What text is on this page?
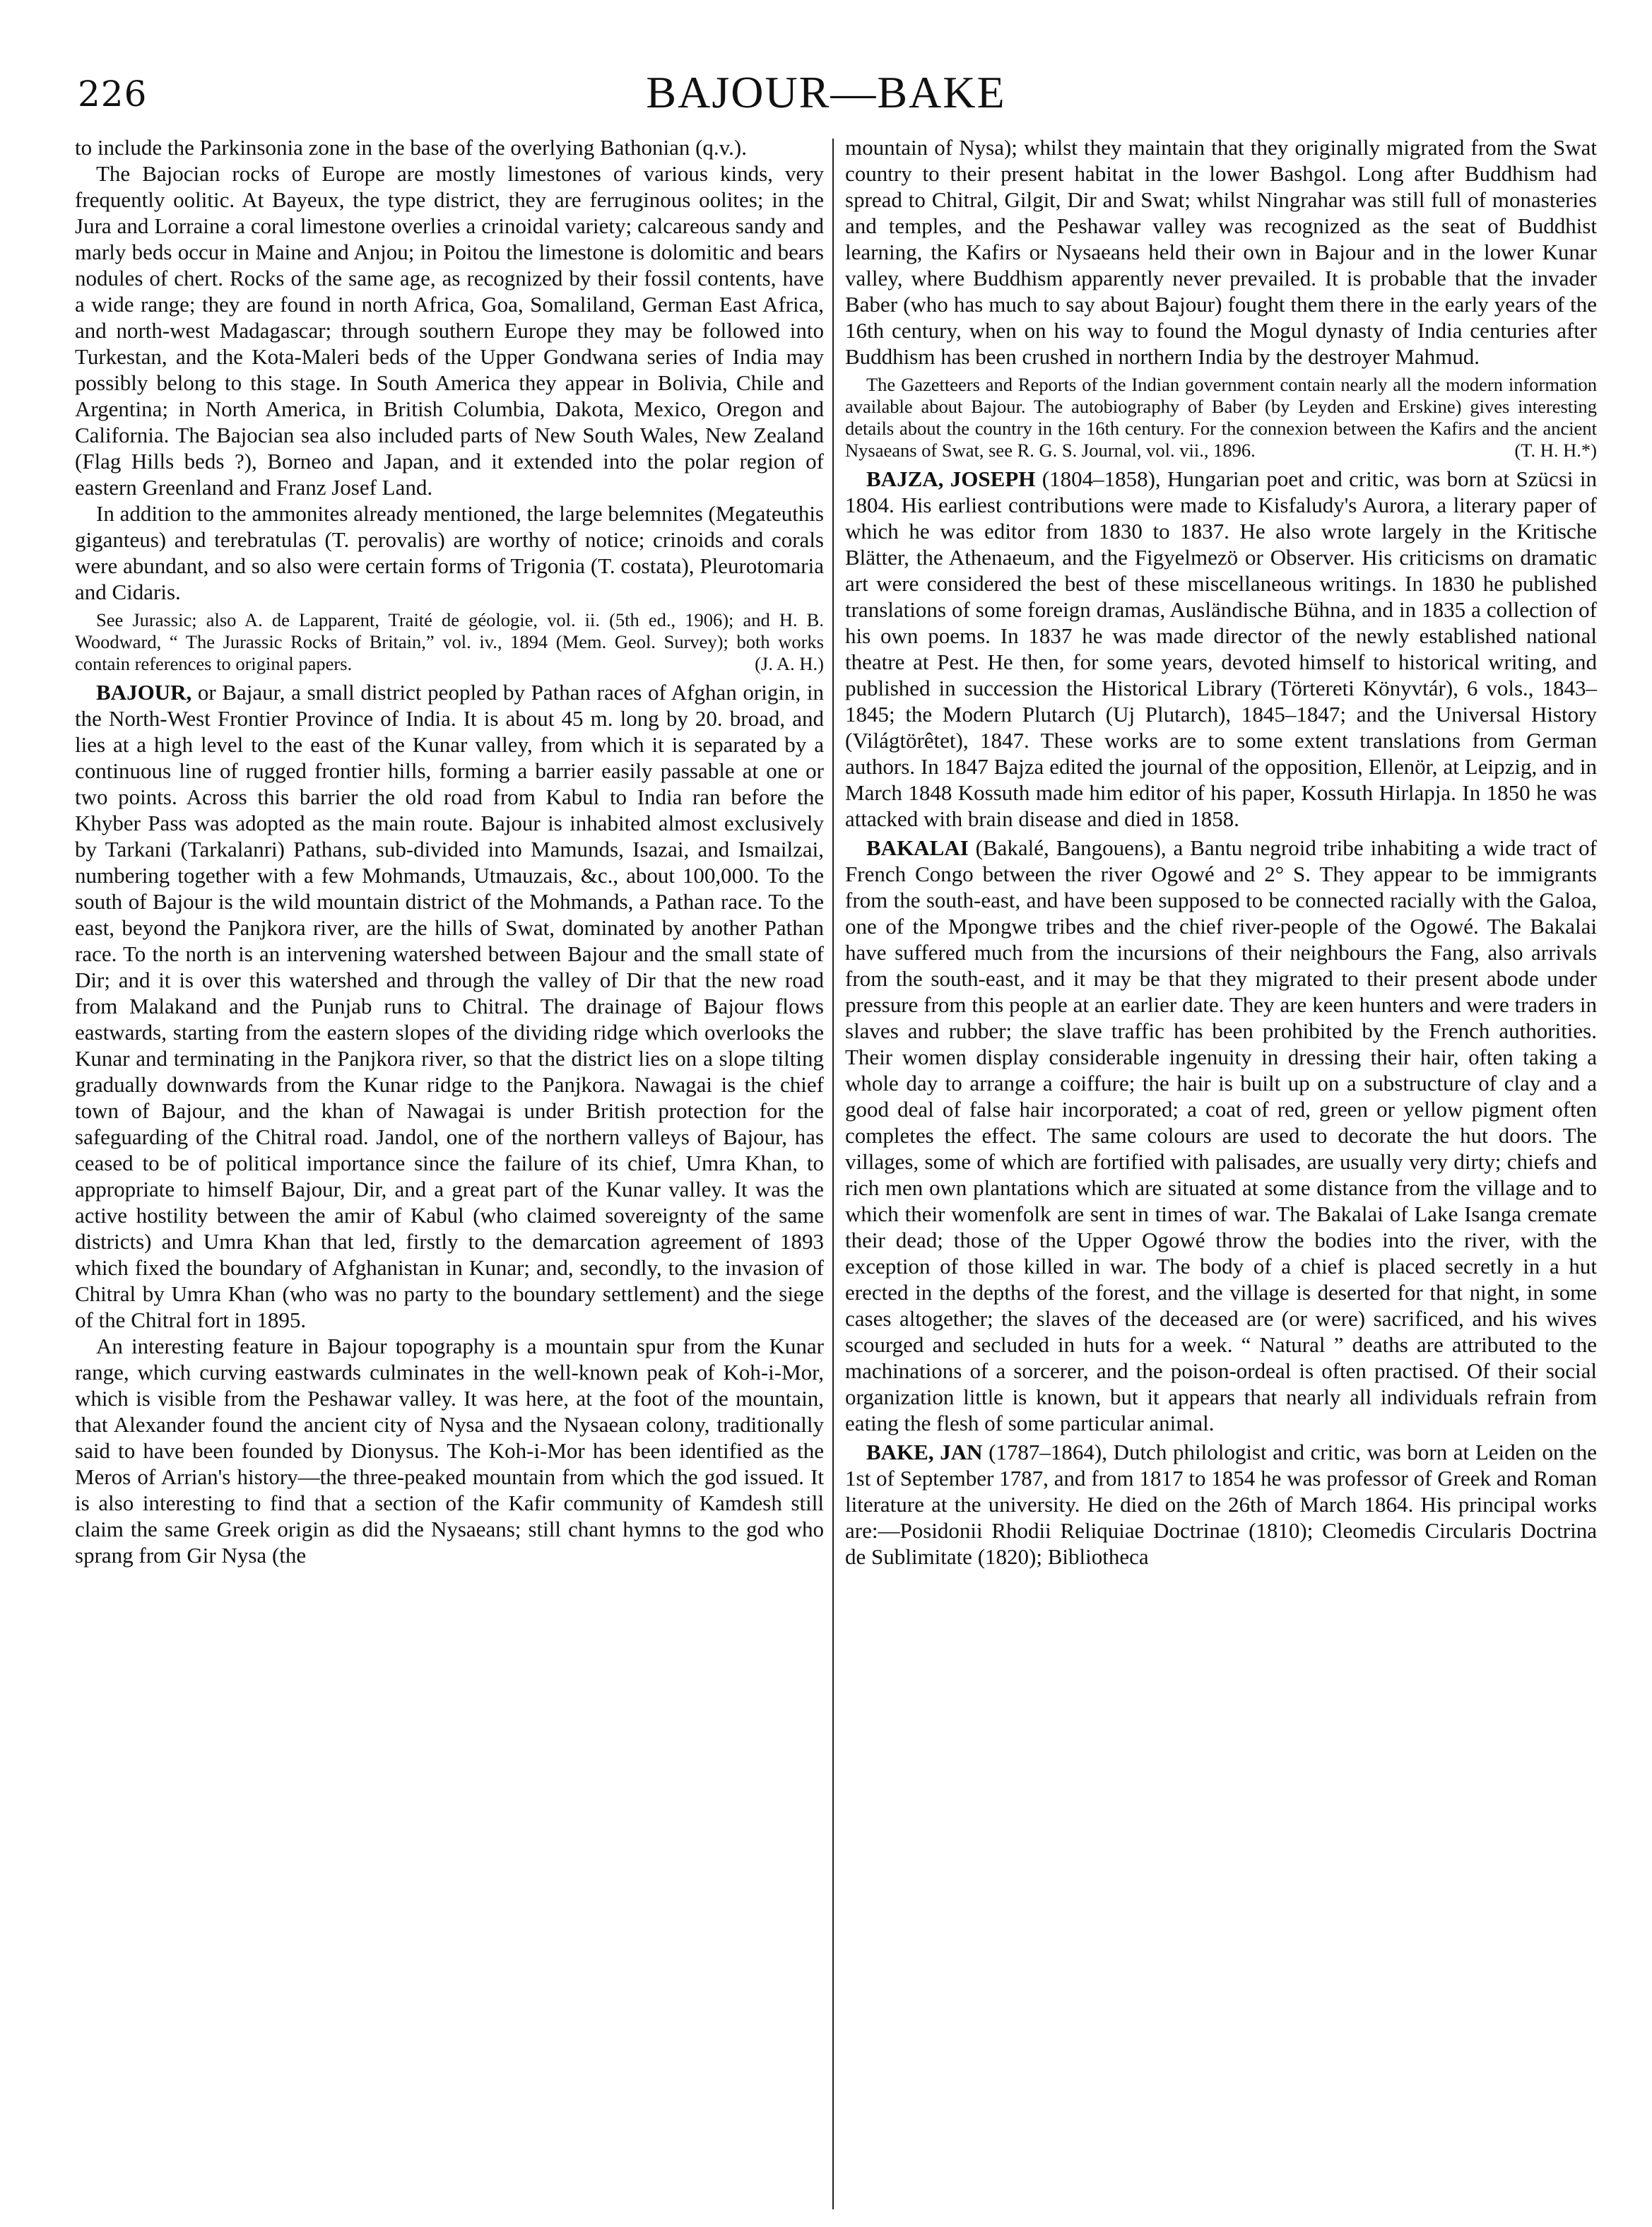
226	BAJOUR—BAKE

to include the Parkinsonia zone in the base of the overlying Bathonian (q.v.).

The Bajocian rocks of Europe are mostly limestones of various kinds, very frequently oolitic. At Bayeux, the type district, they are ferruginous oolites; in the Jura and Lorraine a coral limestone overlies a crinoidal variety; calcareous sandy and marly beds occur in Maine and Anjou; in Poitou the limestone is dolomitic and bears nodules of chert. Rocks of the same age, as recognized by their fossil contents, have a wide range; they are found in north Africa, Goa, Somaliland, German East Africa, and north-west Madagascar; through southern Europe they may be followed into Turkestan, and the Kota-Maleri beds of the Upper Gondwana series of India may possibly belong to this stage. In South America they appear in Bolivia, Chile and Argentina; in North America, in British Columbia, Dakota, Mexico, Oregon and California. The Bajocian sea also included parts of New South Wales, New Zealand (Flag Hills beds ?), Borneo and Japan, and it extended into the polar region of eastern Greenland and Franz Josef Land.

In addition to the ammonites already mentioned, the large belemnites (Megateuthis giganteus) and terebratulas (T. perovalis) are worthy of notice; crinoids and corals were abundant, and so also were certain forms of Trigonia (T. costata), Pleurotomaria and Cidaris.

See Jurassic; also A. de Lapparent, Traité de géologie, vol. ii. (5th ed., 1906); and H. B. Woodward, “ The Jurassic Rocks of Britain,” vol. iv., 1894 (Mem. Geol. Survey); both works contain references to original papers.	(J. A. H.)

BAJOUR, or Bajaur, a small district peopled by Pathan races of Afghan origin, in the North-West Frontier Province of India. It is about 45 m. long by 20. broad, and lies at a high level to the east of the Kunar valley, from which it is separated by a continuous line of rugged frontier hills, forming a barrier easily passable at one or two points. Across this barrier the old road from Kabul to India ran before the Khyber Pass was adopted as the main route. Bajour is inhabited almost exclusively by Tarkani (Tarkalanri) Pathans, sub-divided into Mamunds, Isazai, and Ismailzai, numbering together with a few Mohmands, Utmauzais, &c., about 100,000. To the south of Bajour is the wild mountain district of the Mohmands, a Pathan race. To the east, beyond the Panjkora river, are the hills of Swat, dominated by another Pathan race. To the north is an intervening watershed between Bajour and the small state of Dir; and it is over this watershed and through the valley of Dir that the new road from Malakand and the Punjab runs to Chitral. The drainage of Bajour flows eastwards, starting from the eastern slopes of the dividing ridge which overlooks the Kunar and terminating in the Panjkora river, so that the district lies on a slope tilting gradually downwards from the Kunar ridge to the Panjkora. Nawagai is the chief town of Bajour, and the khan of Nawagai is under British protection for the safeguarding of the Chitral road. Jandol, one of the northern valleys of Bajour, has ceased to be of political importance since the failure of its chief, Umra Khan, to appropriate to himself Bajour, Dir, and a great part of the Kunar valley. It was the active hostility between the amir of Kabul (who claimed sovereignty of the same districts) and Umra Khan that led, firstly to the demarcation agreement of 1893 which fixed the boundary of Afghanistan in Kunar; and, secondly, to the invasion of Chitral by Umra Khan (who was no party to the boundary settlement) and the siege of the Chitral fort in 1895.

An interesting feature in Bajour topography is a mountain spur from the Kunar range, which curving eastwards culminates in the well-known peak of Koh-i-Mor, which is visible from the Peshawar valley. It was here, at the foot of the mountain, that Alexander found the ancient city of Nysa and the Nysaean colony, traditionally said to have been founded by Dionysus. The Koh-i-Mor has been identified as the Meros of Arrian's history—the three-peaked mountain from which the god issued. It is also interesting to find that a section of the Kafir community of Kamdesh still claim the same Greek origin as did the Nysaeans; still chant hymns to the god who sprang from Gir Nysa (the

mountain of Nysa); whilst they maintain that they originally migrated from the Swat country to their present habitat in the lower Bashgol. Long after Buddhism had spread to Chitral, Gilgit, Dir and Swat; whilst Ningrahar was still full of monasteries and temples, and the Peshawar valley was recognized as the seat of Buddhist learning, the Kafirs or Nysaeans held their own in Bajour and in the lower Kunar valley, where Buddhism apparently never prevailed. It is probable that the invader Baber (who has much to say about Bajour) fought them there in the early years of the 16th century, when on his way to found the Mogul dynasty of India centuries after Buddhism has been crushed in northern India by the destroyer Mahmud.

The Gazetteers and Reports of the Indian government contain nearly all the modern information available about Bajour. The autobiography of Baber (by Leyden and Erskine) gives interesting details about the country in the 16th century. For the connexion between the Kafirs and the ancient Nysaeans of Swat, see R. G. S. Journal, vol. vii., 1896.	(T. H. H.*)

BAJZA, JOSEPH (1804–1858), Hungarian poet and critic, was born at Szücsi in 1804. His earliest contributions were made to Kisfaludy's Aurora, a literary paper of which he was editor from 1830 to 1837. He also wrote largely in the Kritische Blätter, the Athenaeum, and the Figyelmezö or Observer. His criticisms on dramatic art were considered the best of these miscellaneous writings. In 1830 he published translations of some foreign dramas, Ausländische Bühna, and in 1835 a collection of his own poems. In 1837 he was made director of the newly established national theatre at Pest. He then, for some years, devoted himself to historical writing, and published in succession the Historical Library (Törtereti Könyvtár), 6 vols., 1843–1845; the Modern Plutarch (Uj Plutarch), 1845–1847; and the Universal History (Világtörêtet), 1847. These works are to some extent translations from German authors. In 1847 Bajza edited the journal of the opposition, Ellenör, at Leipzig, and in March 1848 Kossuth made him editor of his paper, Kossuth Hirlapja. In 1850 he was attacked with brain disease and died in 1858.

BAKALAI (Bakalé, Bangouens), a Bantu negroid tribe inhabiting a wide tract of French Congo between the river Ogowé and 2° S. They appear to be immigrants from the south-east, and have been supposed to be connected racially with the Galoa, one of the Mpongwe tribes and the chief river-people of the Ogowé. The Bakalai have suffered much from the incursions of their neighbours the Fang, also arrivals from the south-east, and it may be that they migrated to their present abode under pressure from this people at an earlier date. They are keen hunters and were traders in slaves and rubber; the slave traffic has been prohibited by the French authorities. Their women display considerable ingenuity in dressing their hair, often taking a whole day to arrange a coiffure; the hair is built up on a substructure of clay and a good deal of false hair incorporated; a coat of red, green or yellow pigment often completes the effect. The same colours are used to decorate the hut doors. The villages, some of which are fortified with palisades, are usually very dirty; chiefs and rich men own plantations which are situated at some distance from the village and to which their womenfolk are sent in times of war. The Bakalai of Lake Isanga cremate their dead; those of the Upper Ogowé throw the bodies into the river, with the exception of those killed in war. The body of a chief is placed secretly in a hut erected in the depths of the forest, and the village is deserted for that night, in some cases altogether; the slaves of the deceased are (or were) sacrificed, and his wives scourged and secluded in huts for a week. “ Natural ” deaths are attributed to the machinations of a sorcerer, and the poison-ordeal is often practised. Of their social organization little is known, but it appears that nearly all individuals refrain from eating the flesh of some particular animal.

BAKE, JAN (1787–1864), Dutch philologist and critic, was born at Leiden on the 1st of September 1787, and from 1817 to 1854 he was professor of Greek and Roman literature at the university. He died on the 26th of March 1864. His principal works are:—Posidonii Rhodii Reliquiae Doctrinae (1810); Cleomedis Circularis Doctrina de Sublimitate (1820); Bibliotheca
